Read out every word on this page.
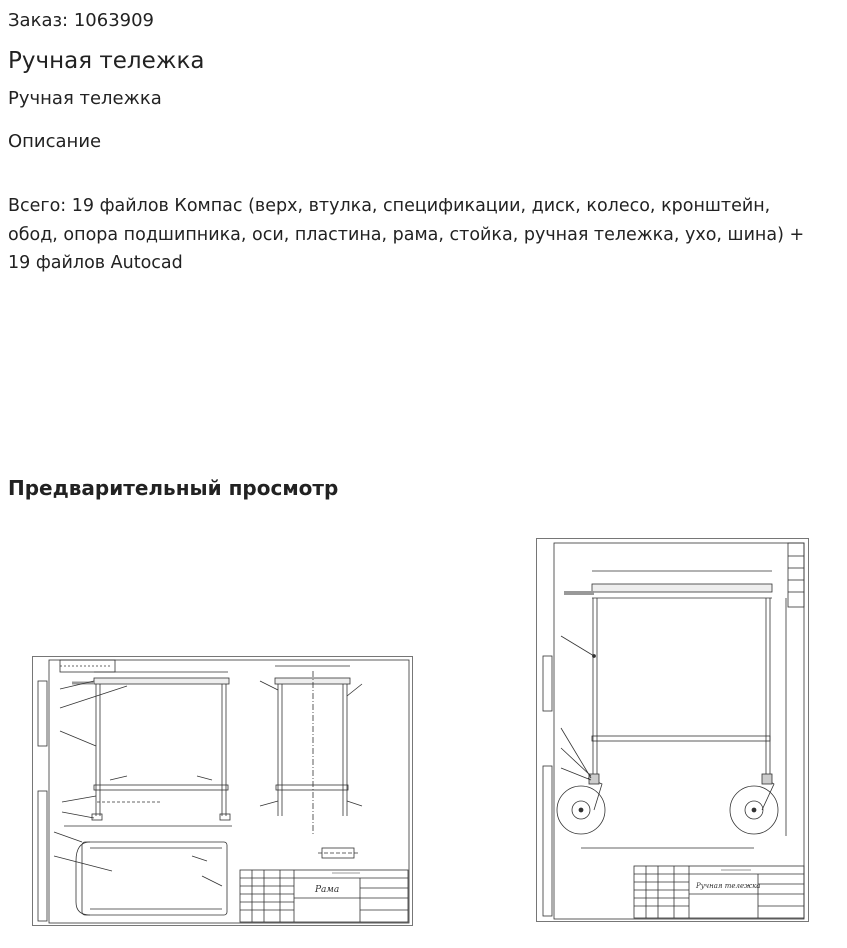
Заказ: 1063909
Ручная тележка
Ручная тележка
Описание
Всего: 19 файлов Компас (верх, втулка, спецификации, диск, колесо, кронштейн, обод, опора подшипника, оси, пластина, рама, стойка, ручная тележка, ухо, шина) + 19 файлов Autocad
Предварительный просмотр
Рама	Ручная тележка
